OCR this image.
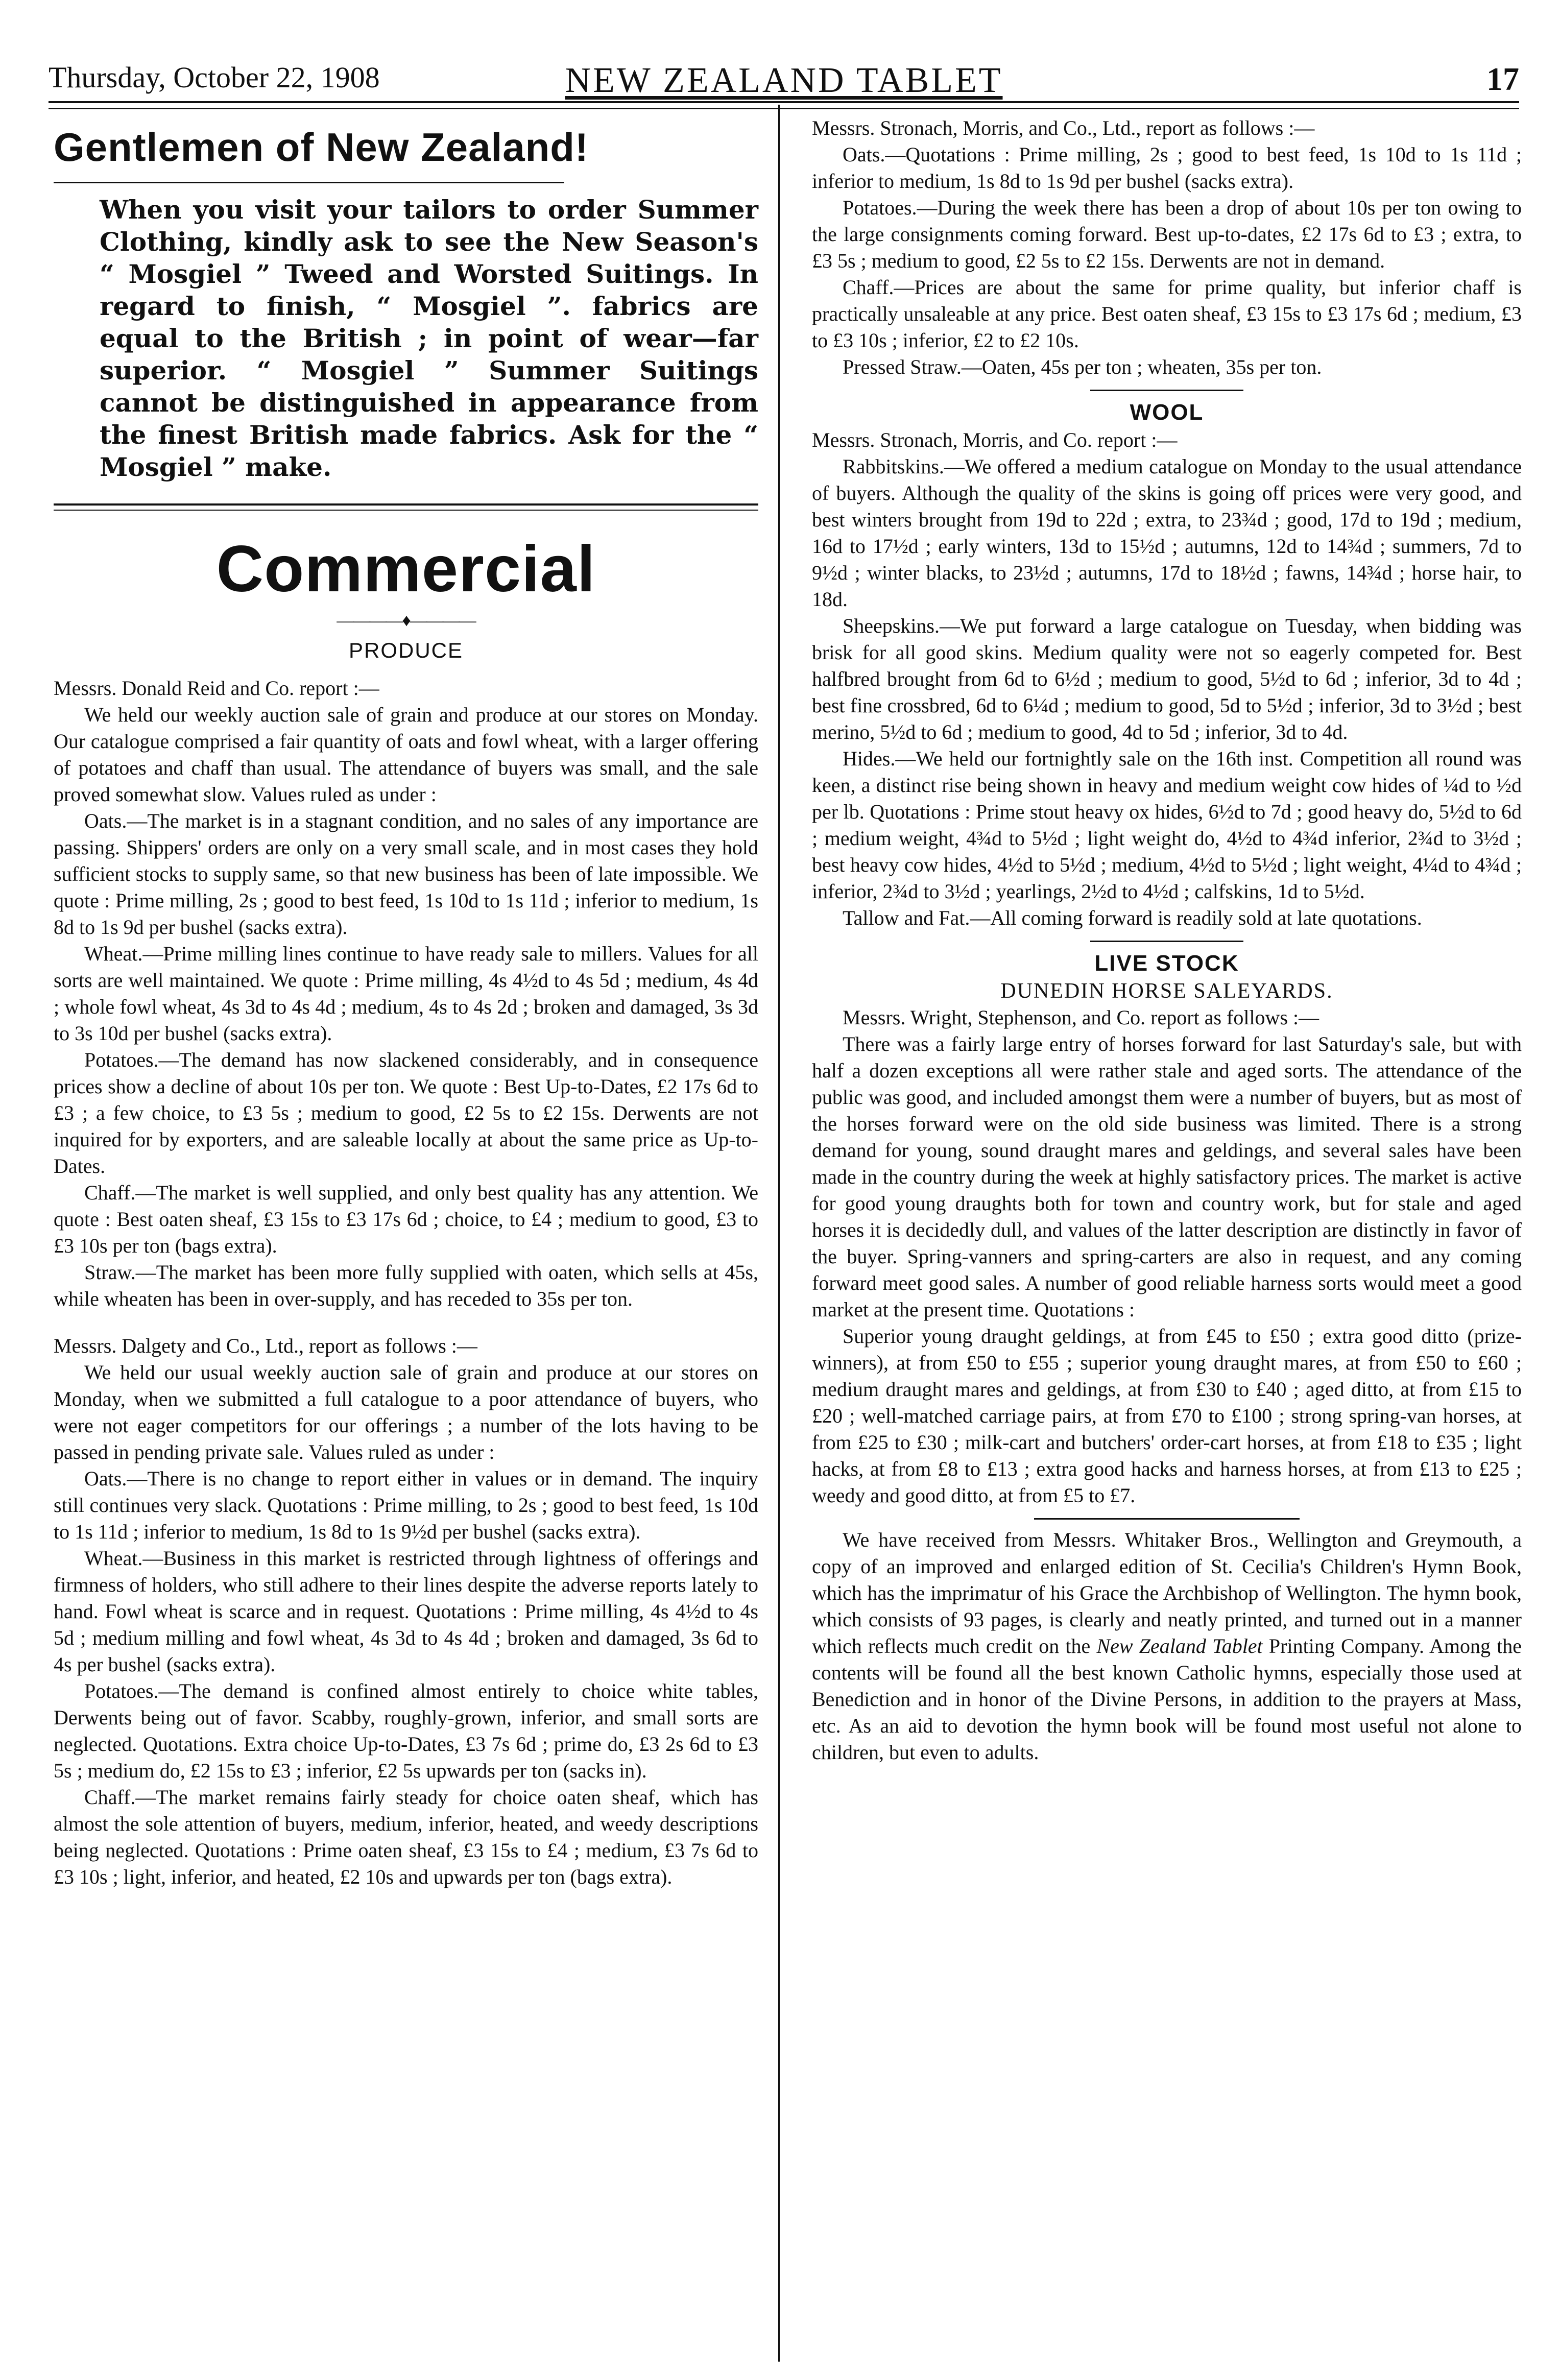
Thursday, October 22, 1908	NEW ZEALAND TABLET	17
Gentlemen of New Zealand!
When you visit your tailors to order Summer Clothing, kindly ask to see the New Season's “ Mosgiel ” Tweed and Worsted Suitings. In regard to finish, “ Mosgiel ”. fabrics are equal to the British ; in point of wear—far superior. “ Mosgiel ” Summer Suitings cannot be distinguished in appearance from the finest British made fabrics. Ask for the “ Mosgiel ” make.
Commercial
————♦————
PRODUCE

Messrs. Donald Reid and Co. report :—

We held our weekly auction sale of grain and produce at our stores on Monday. Our catalogue comprised a fair quantity of oats and fowl wheat, with a larger offering of potatoes and chaff than usual. The attendance of buyers was small, and the sale proved somewhat slow. Values ruled as under :

Oats.—The market is in a stagnant condition, and no sales of any importance are passing. Shippers' orders are only on a very small scale, and in most cases they hold sufficient stocks to supply same, so that new business has been of late impossible. We quote : Prime milling, 2s ; good to best feed, 1s 10d to 1s 11d ; inferior to medium, 1s 8d to 1s 9d per bushel (sacks extra).

Wheat.—Prime milling lines continue to have ready sale to millers. Values for all sorts are well maintained. We quote : Prime milling, 4s 4½d to 4s 5d ; medium, 4s 4d ; whole fowl wheat, 4s 3d to 4s 4d ; medium, 4s to 4s 2d ; broken and damaged, 3s 3d to 3s 10d per bushel (sacks extra).

Potatoes.—The demand has now slackened considerably, and in consequence prices show a decline of about 10s per ton. We quote : Best Up-to-Dates, £2 17s 6d to £3 ; a few choice, to £3 5s ; medium to good, £2 5s to £2 15s. Derwents are not inquired for by exporters, and are saleable locally at about the same price as Up-to-Dates.

Chaff.—The market is well supplied, and only best quality has any attention. We quote : Best oaten sheaf, £3 15s to £3 17s 6d ; choice, to £4 ; medium to good, £3 to £3 10s per ton (bags extra).

Straw.—The market has been more fully supplied with oaten, which sells at 45s, while wheaten has been in over-supply, and has receded to 35s per ton.

Messrs. Dalgety and Co., Ltd., report as follows :—

We held our usual weekly auction sale of grain and produce at our stores on Monday, when we submitted a full catalogue to a poor attendance of buyers, who were not eager competitors for our offerings ; a number of the lots having to be passed in pending private sale. Values ruled as under :

Oats.—There is no change to report either in values or in demand. The inquiry still continues very slack. Quotations : Prime milling, to 2s ; good to best feed, 1s 10d to 1s 11d ; inferior to medium, 1s 8d to 1s 9½d per bushel (sacks extra).

Wheat.—Business in this market is restricted through lightness of offerings and firmness of holders, who still adhere to their lines despite the adverse reports lately to hand. Fowl wheat is scarce and in request. Quotations : Prime milling, 4s 4½d to 4s 5d ; medium milling and fowl wheat, 4s 3d to 4s 4d ; broken and damaged, 3s 6d to 4s per bushel (sacks extra).

Potatoes.—The demand is confined almost entirely to choice white tables, Derwents being out of favor. Scabby, roughly-grown, inferior, and small sorts are neglected. Quotations. Extra choice Up-to-Dates, £3 7s 6d ; prime do, £3 2s 6d to £3 5s ; medium do, £2 15s to £3 ; inferior, £2 5s upwards per ton (sacks in).

Chaff.—The market remains fairly steady for choice oaten sheaf, which has almost the sole attention of buyers, medium, inferior, heated, and weedy descriptions being neglected. Quotations : Prime oaten sheaf, £3 15s to £4 ; medium, £3 7s 6d to £3 10s ; light, inferior, and heated, £2 10s and upwards per ton (bags extra).

Messrs. Stronach, Morris, and Co., Ltd., report as follows :—

Oats.—Quotations : Prime milling, 2s ; good to best feed, 1s 10d to 1s 11d ; inferior to medium, 1s 8d to 1s 9d per bushel (sacks extra).

Potatoes.—During the week there has been a drop of about 10s per ton owing to the large consignments coming forward. Best up-to-dates, £2 17s 6d to £3 ; extra, to £3 5s ; medium to good, £2 5s to £2 15s. Derwents are not in demand.

Chaff.—Prices are about the same for prime quality, but inferior chaff is practically unsaleable at any price. Best oaten sheaf, £3 15s to £3 17s 6d ; medium, £3 to £3 10s ; inferior, £2 to £2 10s.

Pressed Straw.—Oaten, 45s per ton ; wheaten, 35s per ton.

WOOL

Messrs. Stronach, Morris, and Co. report :—

Rabbitskins.—We offered a medium catalogue on Monday to the usual attendance of buyers. Although the quality of the skins is going off prices were very good, and best winters brought from 19d to 22d ; extra, to 23¾d ; good, 17d to 19d ; medium, 16d to 17½d ; early winters, 13d to 15½d ; autumns, 12d to 14¾d ; summers, 7d to 9½d ; winter blacks, to 23½d ; autumns, 17d to 18½d ; fawns, 14¾d ; horse hair, to 18d.

Sheepskins.—We put forward a large catalogue on Tuesday, when bidding was brisk for all good skins. Medium quality were not so eagerly competed for. Best halfbred brought from 6d to 6½d ; medium to good, 5½d to 6d ; inferior, 3d to 4d ; best fine crossbred, 6d to 6¼d ; medium to good, 5d to 5½d ; inferior, 3d to 3½d ; best merino, 5½d to 6d ; medium to good, 4d to 5d ; inferior, 3d to 4d.

Hides.—We held our fortnightly sale on the 16th inst. Competition all round was keen, a distinct rise being shown in heavy and medium weight cow hides of ¼d to ½d per lb. Quotations : Prime stout heavy ox hides, 6½d to 7d ; good heavy do, 5½d to 6d ; medium weight, 4¾d to 5½d ; light weight do, 4½d to 4¾d inferior, 2¾d to 3½d ; best heavy cow hides, 4½d to 5½d ; medium, 4½d to 5½d ; light weight, 4¼d to 4¾d ; inferior, 2¾d to 3½d ; yearlings, 2½d to 4½d ; calfskins, 1d to 5½d.

Tallow and Fat.—All coming forward is readily sold at late quotations.

LIVE STOCK
DUNEDIN HORSE SALEYARDS.

Messrs. Wright, Stephenson, and Co. report as follows :—

There was a fairly large entry of horses forward for last Saturday's sale, but with half a dozen exceptions all were rather stale and aged sorts. The attendance of the public was good, and included amongst them were a number of buyers, but as most of the horses forward were on the old side business was limited. There is a strong demand for young, sound draught mares and geldings, and several sales have been made in the country during the week at highly satisfactory prices. The market is active for good young draughts both for town and country work, but for stale and aged horses it is decidedly dull, and values of the latter description are distinctly in favor of the buyer. Spring-vanners and spring-carters are also in request, and any coming forward meet good sales. A number of good reliable harness sorts would meet a good market at the present time. Quotations :

Superior young draught geldings, at from £45 to £50 ; extra good ditto (prize-winners), at from £50 to £55 ; superior young draught mares, at from £50 to £60 ; medium draught mares and geldings, at from £30 to £40 ; aged ditto, at from £15 to £20 ; well-matched carriage pairs, at from £70 to £100 ; strong spring-van horses, at from £25 to £30 ; milk-cart and butchers' order-cart horses, at from £18 to £35 ; light hacks, at from £8 to £13 ; extra good hacks and harness horses, at from £13 to £25 ; weedy and good ditto, at from £5 to £7.

We have received from Messrs. Whitaker Bros., Wellington and Greymouth, a copy of an improved and enlarged edition of St. Cecilia's Children's Hymn Book, which has the imprimatur of his Grace the Archbishop of Wellington. The hymn book, which consists of 93 pages, is clearly and neatly printed, and turned out in a manner which reflects much credit on the New Zealand Tablet Printing Company. Among the contents will be found all the best known Catholic hymns, especially those used at Benediction and in honor of the Divine Persons, in addition to the prayers at Mass, etc. As an aid to devotion the hymn book will be found most useful not alone to children, but even to adults.
